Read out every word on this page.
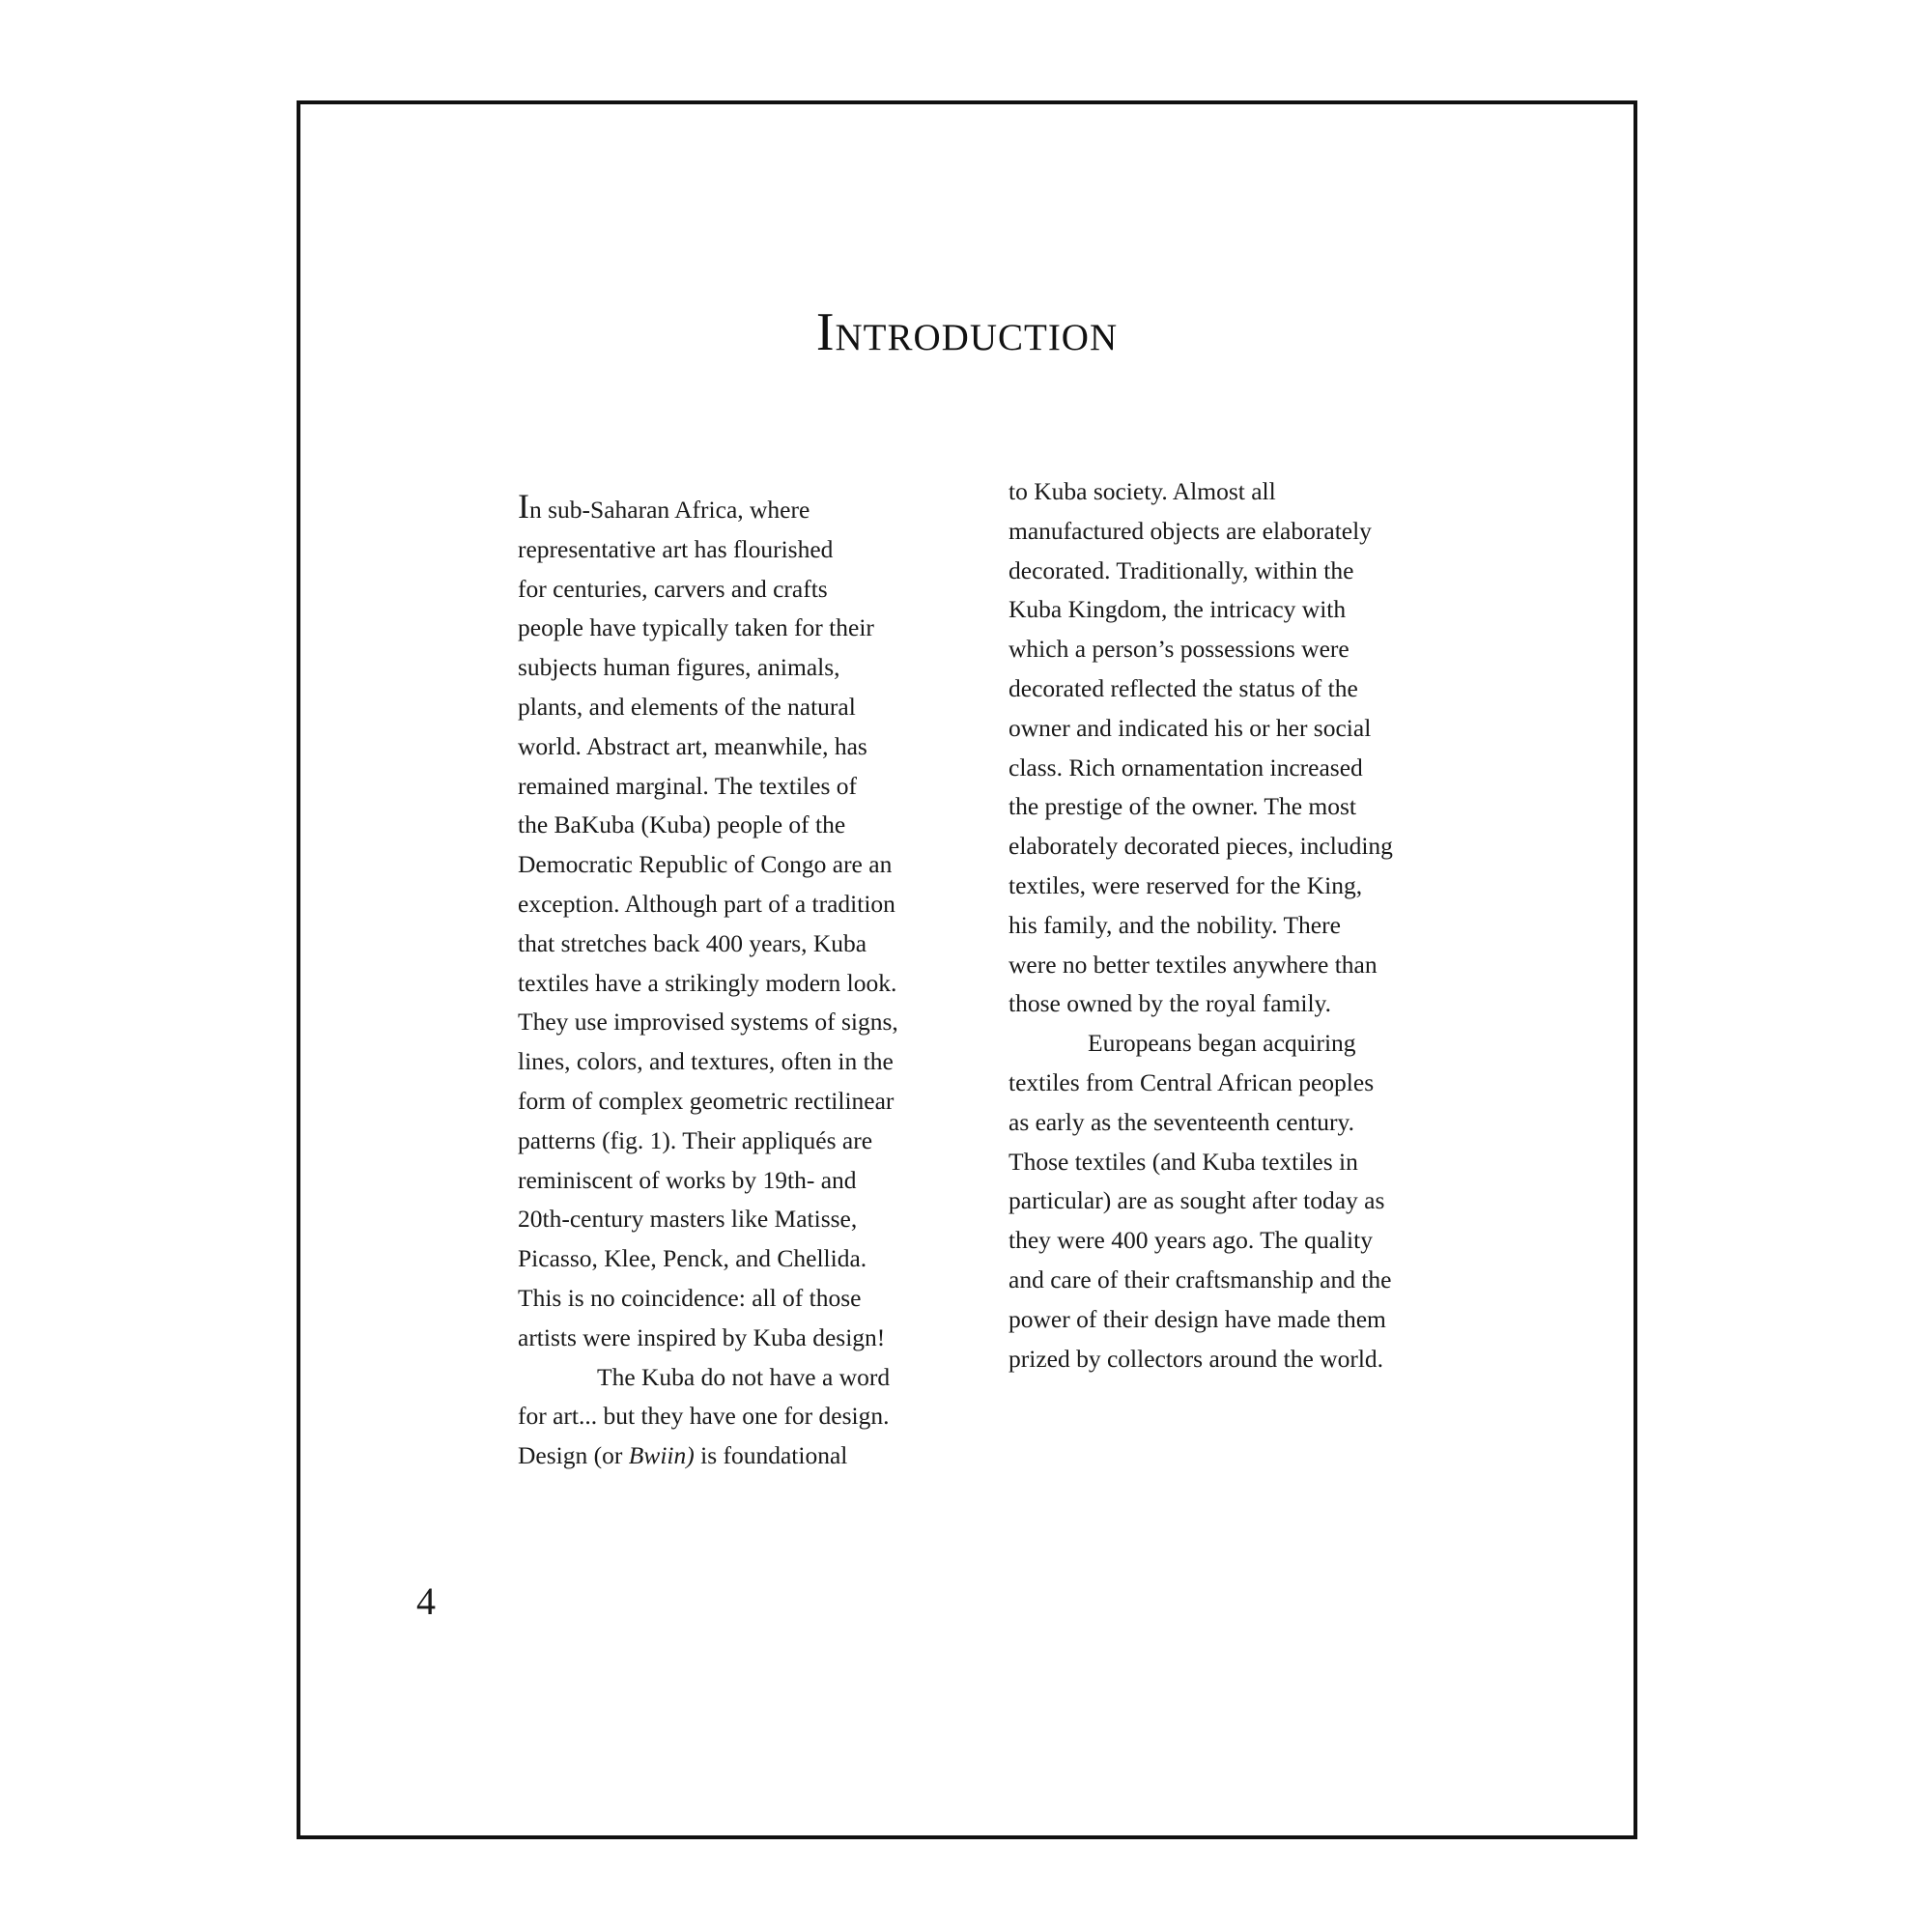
Introduction
In sub-Saharan Africa, where
representative art has flourished
for centuries, carvers and crafts
people have typically taken for their
subjects human figures, animals,
plants, and elements of the natural
world. Abstract art, meanwhile, has
remained marginal. The textiles of
the BaKuba (Kuba) people of the
Democratic Republic of Congo are an
exception. Although part of a tradition
that stretches back 400 years, Kuba
textiles have a strikingly modern look.
They use improvised systems of signs,
lines, colors, and textures, often in the
form of complex geometric rectilinear
patterns (fig. 1). Their appliqués are
reminiscent of works by 19th- and
20th-century masters like Matisse,
Picasso, Klee, Penck, and Chellida.
This is no coincidence: all of those
artists were inspired by Kuba design!
The Kuba do not have a word
for art... but they have one for design.
Design (or Bwiin) is foundational
to Kuba society. Almost all
manufactured objects are elaborately
decorated. Traditionally, within the
Kuba Kingdom, the intricacy with
which a person’s possessions were
decorated reflected the status of the
owner and indicated his or her social
class. Rich ornamentation increased
the prestige of the owner. The most
elaborately decorated pieces, including
textiles, were reserved for the King,
his family, and the nobility. There
were no better textiles anywhere than
those owned by the royal family.
Europeans began acquiring
textiles from Central African peoples
as early as the seventeenth century.
Those textiles (and Kuba textiles in
particular) are as sought after today as
they were 400 years ago. The quality
and care of their craftsmanship and the
power of their design have made them
prized by collectors around the world.
4
